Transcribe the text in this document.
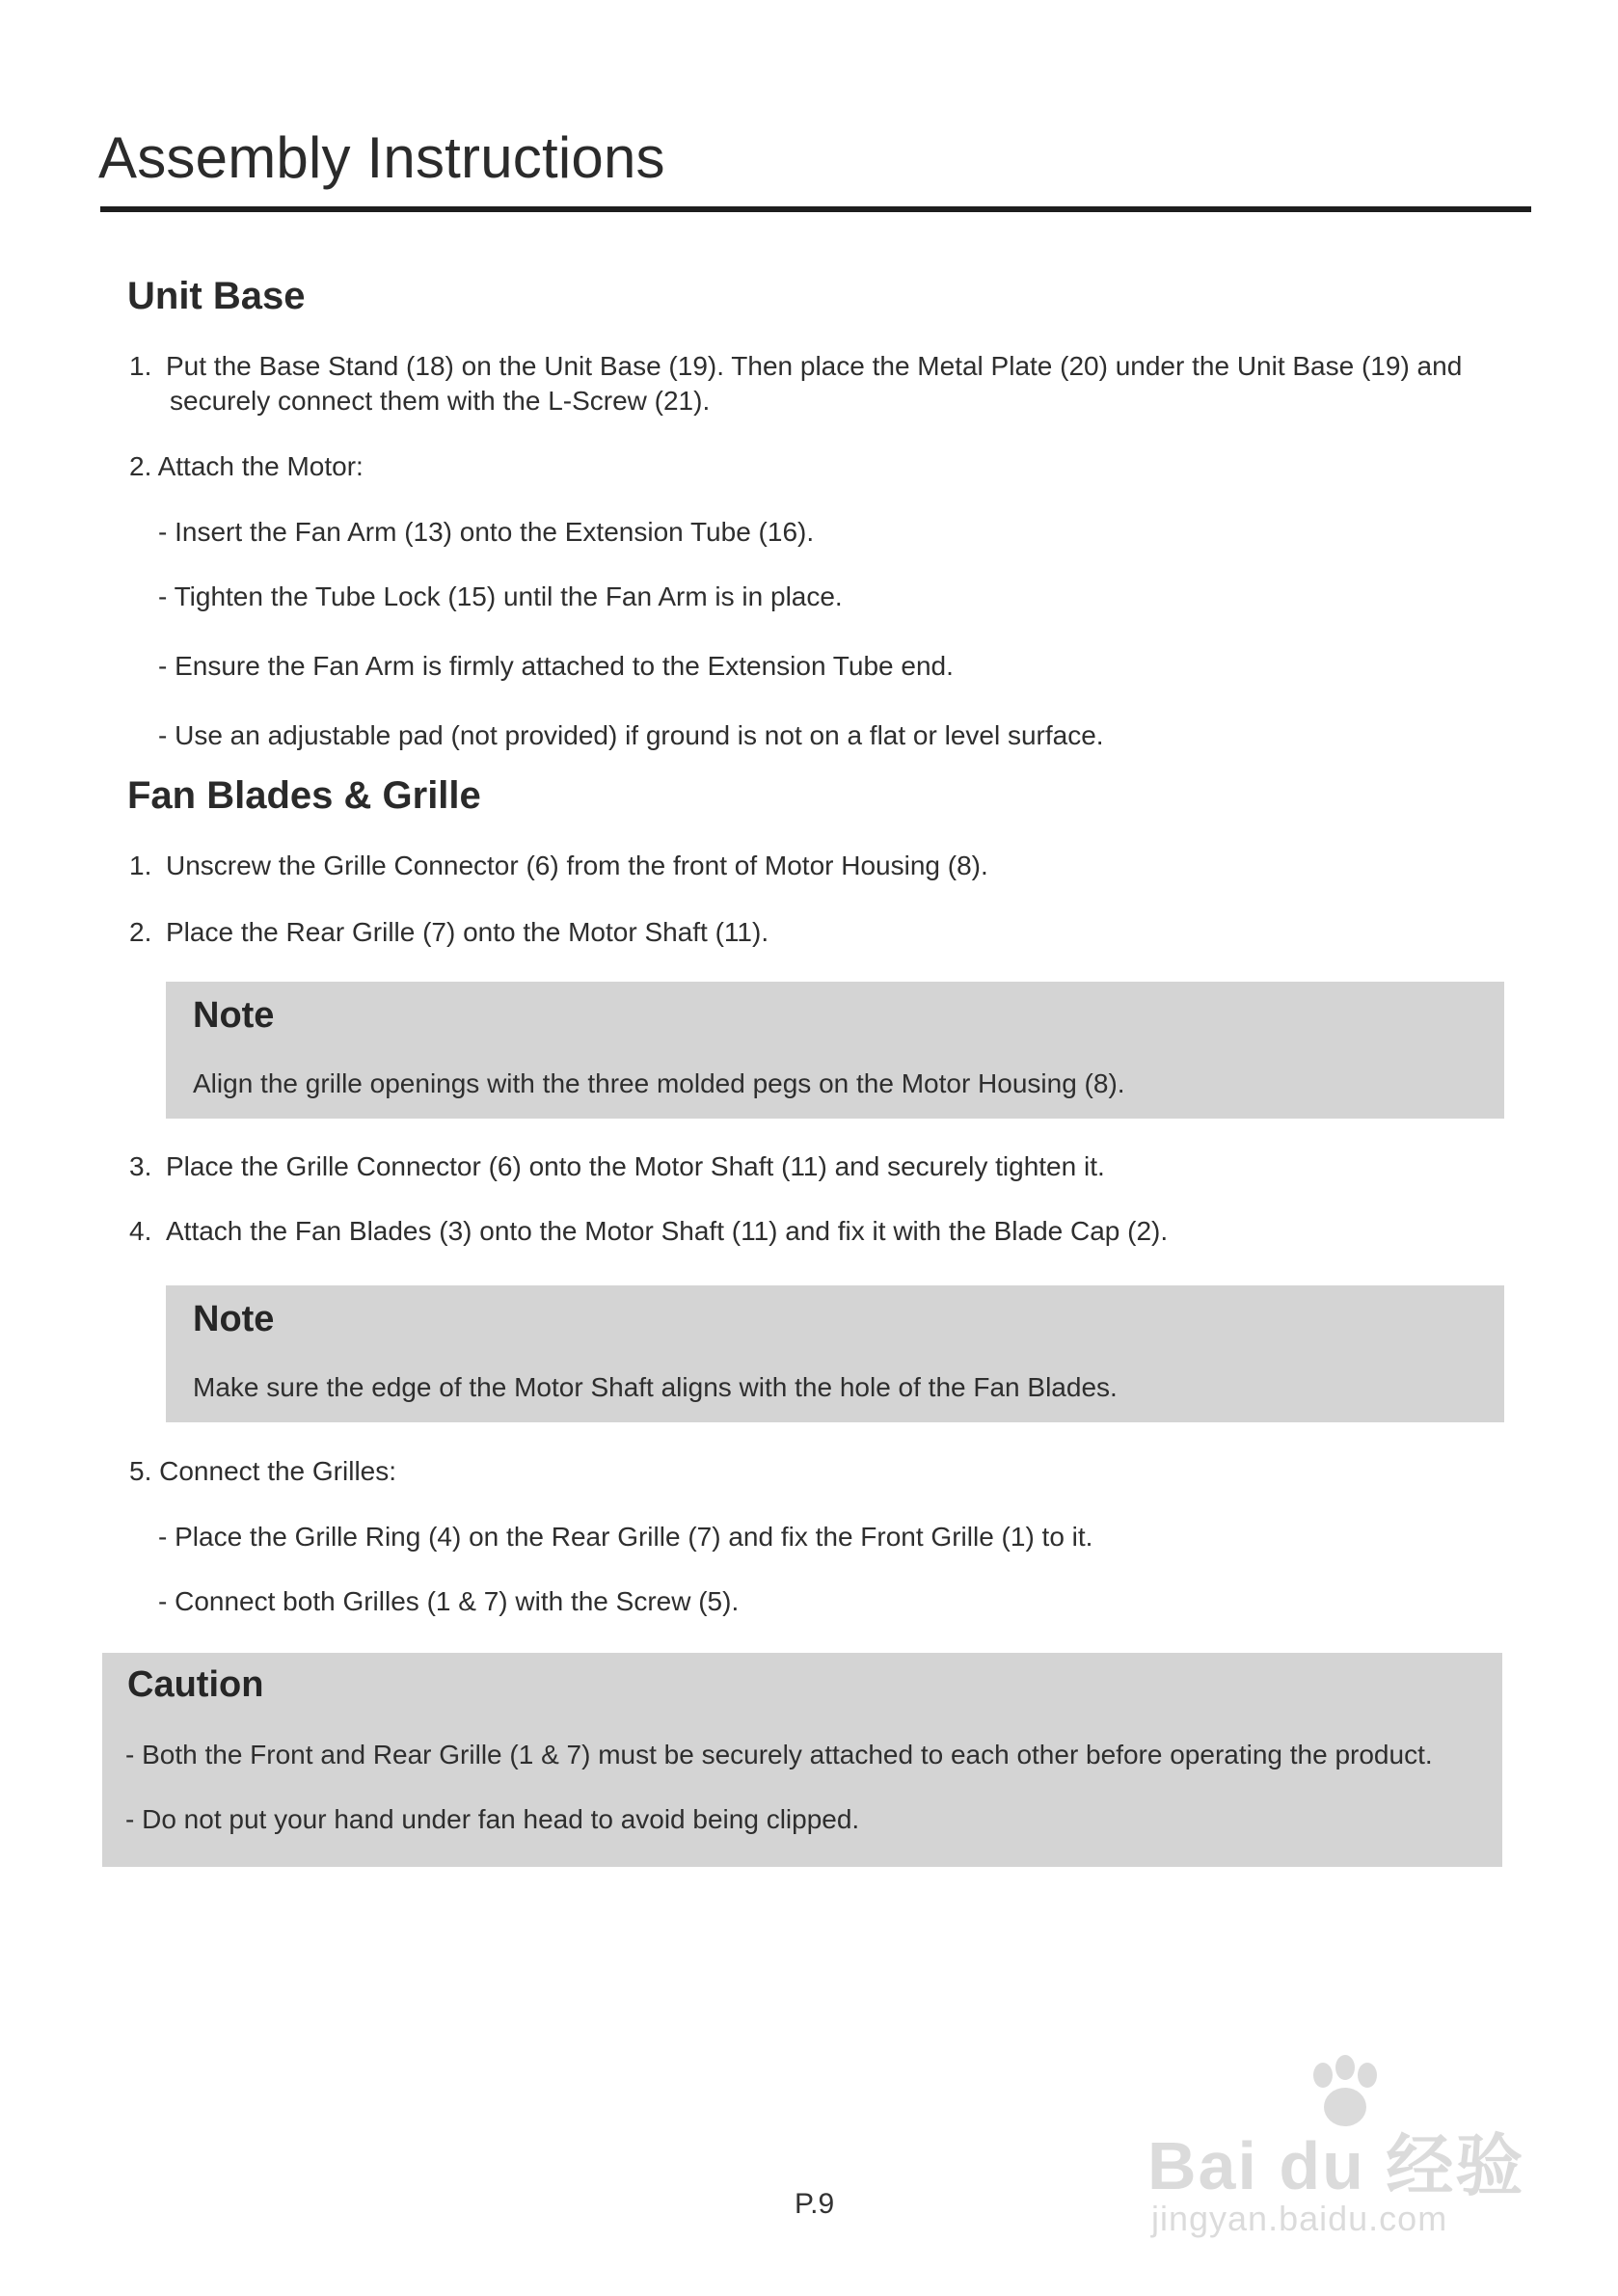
Assembly Instructions
Unit Base
1. Put the Base Stand (18) on the Unit Base (19). Then place the Metal Plate (20) under the Unit Base (19) and
securely connect them with the L-Screw (21).
2. Attach the Motor:
- Insert the Fan Arm (13) onto the Extension Tube (16).
- Tighten the Tube Lock (15) until the Fan Arm is in place.
- Ensure the Fan Arm is firmly attached to the Extension Tube end.
- Use an adjustable pad (not provided) if ground is not on a flat or level surface.
Fan Blades & Grille
1. Unscrew the Grille Connector (6) from the front of Motor Housing (8).
2. Place the Rear Grille (7) onto the Motor Shaft (11).
Note
Align the grille openings with the three molded pegs on the Motor Housing (8).
3. Place the Grille Connector (6) onto the Motor Shaft (11) and securely tighten it.
4. Attach the Fan Blades (3) onto the Motor Shaft (11) and fix it with the Blade Cap (2).
Note
Make sure the edge of the Motor Shaft aligns with the hole of the Fan Blades.
5. Connect the Grilles:
- Place the Grille Ring (4) on the Rear Grille (7) and fix the Front Grille (1) to it.
- Connect both Grilles (1 & 7) with the Screw (5).
Caution
- Both the Front and Rear Grille (1 & 7) must be securely attached to each other before operating the product.
- Do not put your hand under fan head to avoid being clipped.
P.9
Bai du 经验
jingyan.baidu.com
